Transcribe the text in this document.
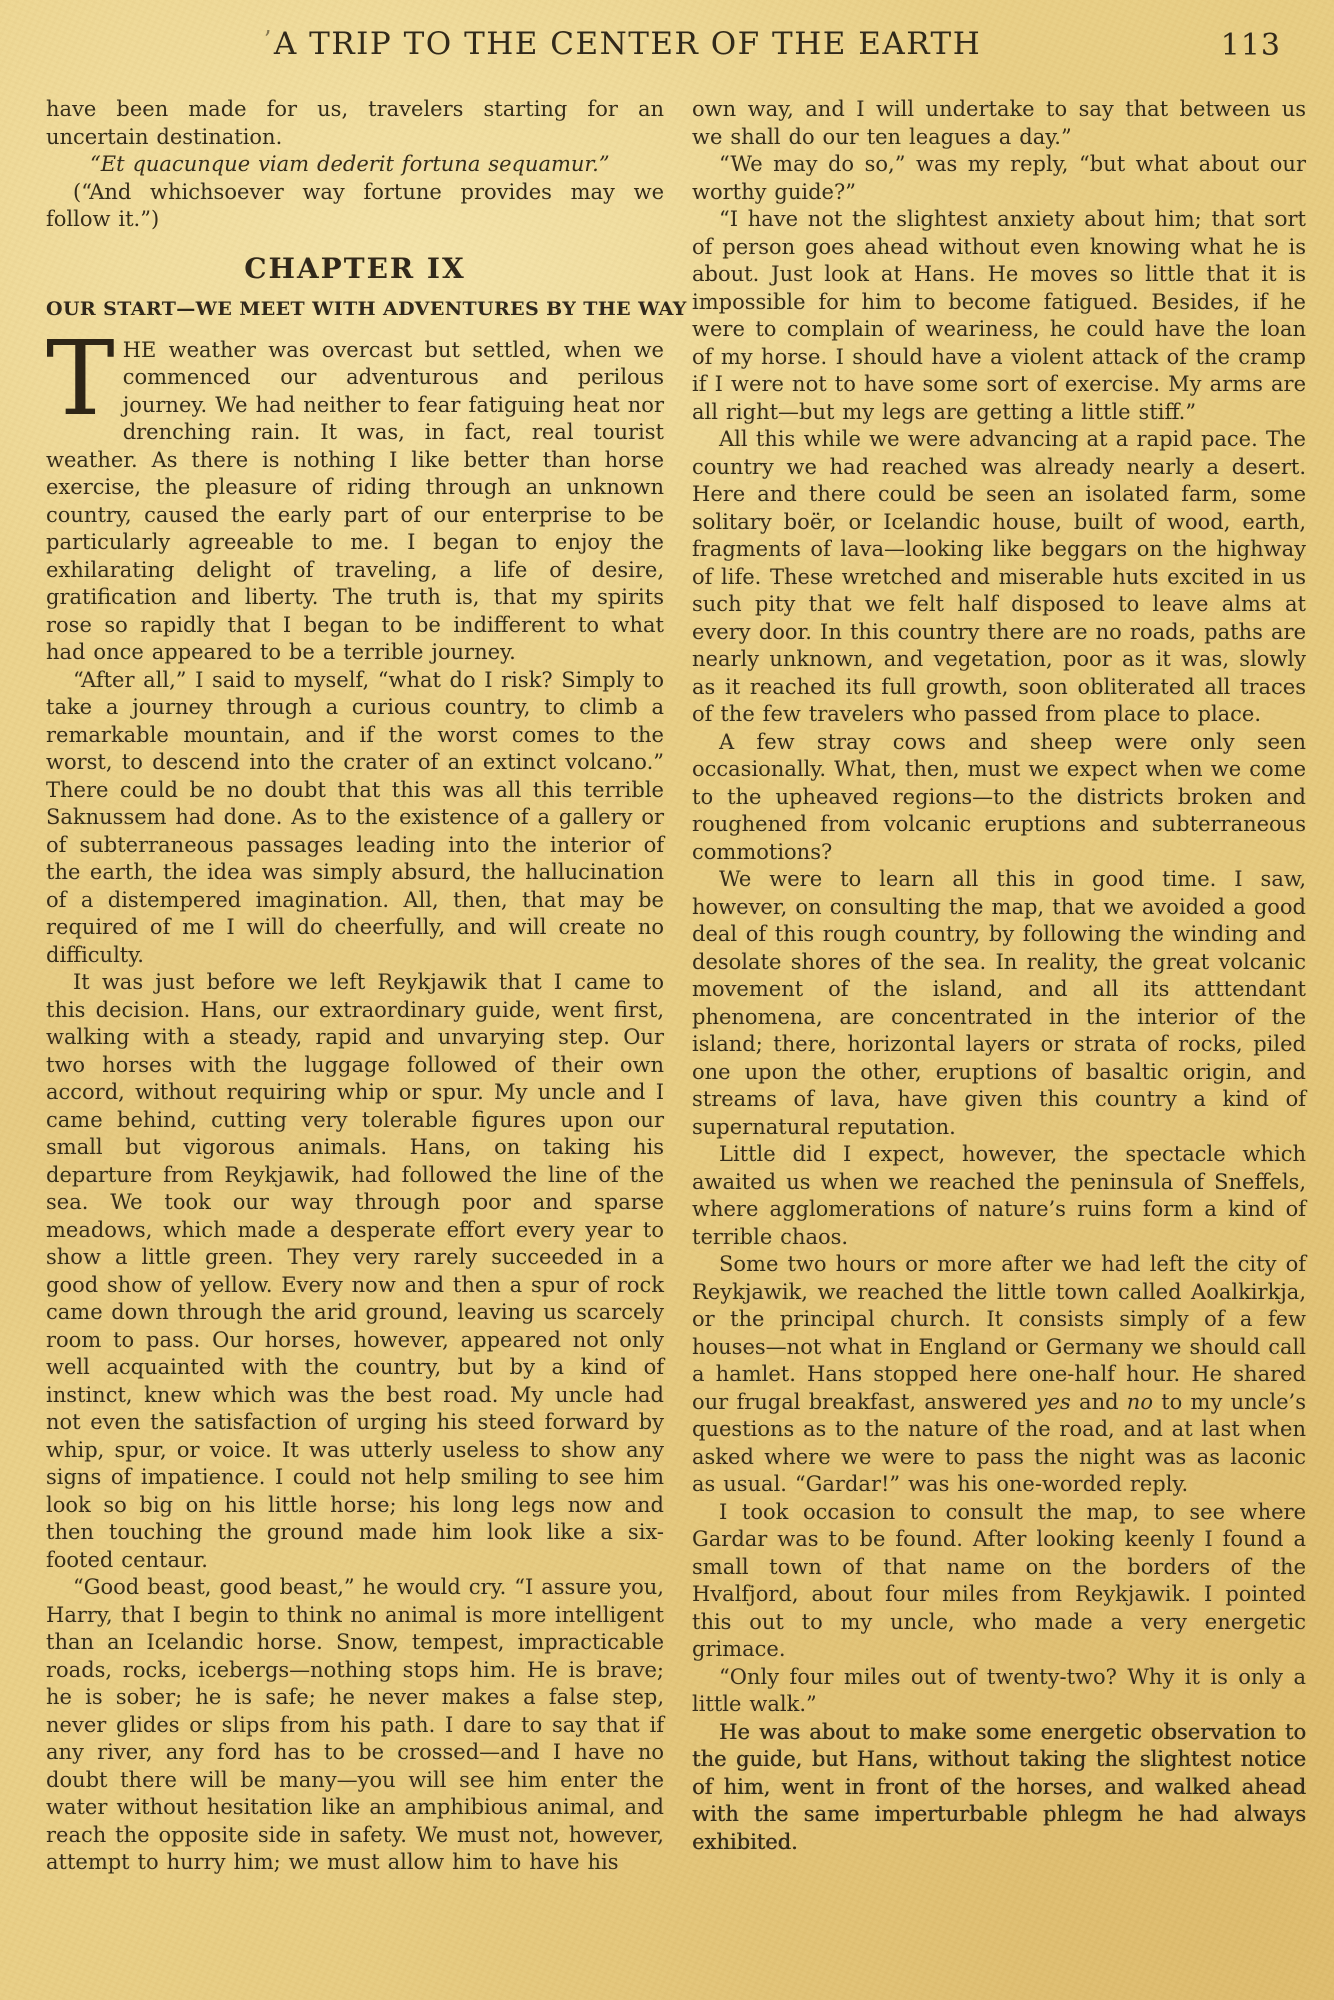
’A TRIP TO THE CENTER OF THE EARTH	113

have been made for us, travelers starting for an uncertain destination.

“Et quacunque viam dederit fortuna sequamur.”

(“And whichsoever way fortune provides may we follow it.”)

CHAPTER IX
OUR START—WE MEET WITH ADVENTURES BY THE WAY

THE weather was overcast but settled, when we commenced our adventurous and perilous journey. We had neither to fear fatiguing heat nor drenching rain. It was, in fact, real tourist weather. As there is nothing I like better than horse exercise, the pleasure of riding through an unknown country, caused the early part of our enterprise to be particularly agreeable to me. I began to enjoy the exhilarating delight of traveling, a life of desire, gratification and liberty. The truth is, that my spirits rose so rapidly that I began to be indifferent to what had once appeared to be a terrible journey.

“After all,” I said to myself, “what do I risk? Simply to take a journey through a curious country, to climb a remarkable mountain, and if the worst comes to the worst, to descend into the crater of an extinct volcano.” There could be no doubt that this was all this terrible Saknussem had done. As to the existence of a gallery or of subterraneous passages leading into the interior of the earth, the idea was simply absurd, the hallucination of a distempered imagination. All, then, that may be required of me I will do cheerfully, and will create no difficulty.

It was just before we left Reykjawik that I came to this decision. Hans, our extraordinary guide, went first, walking with a steady, rapid and unvarying step. Our two horses with the luggage followed of their own accord, without requiring whip or spur. My uncle and I came behind, cutting very tolerable figures upon our small but vigorous animals. Hans, on taking his departure from Reykjawik, had followed the line of the sea. We took our way through poor and sparse meadows, which made a desperate effort every year to show a little green. They very rarely succeeded in a good show of yellow. Every now and then a spur of rock came down through the arid ground, leaving us scarcely room to pass. Our horses, however, appeared not only well acquainted with the country, but by a kind of instinct, knew which was the best road. My uncle had not even the satisfaction of urging his steed forward by whip, spur, or voice. It was utterly useless to show any signs of impatience. I could not help smiling to see him look so big on his little horse; his long legs now and then touching the ground made him look like a six-footed centaur.

“Good beast, good beast,” he would cry. “I assure you, Harry, that I begin to think no animal is more intelligent than an Icelandic horse. Snow, tempest, impracticable roads, rocks, icebergs—nothing stops him. He is brave; he is sober; he is safe; he never makes a false step, never glides or slips from his path. I dare to say that if any river, any ford has to be crossed—and I have no doubt there will be many—you will see him enter the water without hesitation like an amphibious animal, and reach the opposite side in safety. We must not, however, attempt to hurry him; we must allow him to have his

own way, and I will undertake to say that between us we shall do our ten leagues a day.”

“We may do so,” was my reply, “but what about our worthy guide?”

“I have not the slightest anxiety about him; that sort of person goes ahead without even knowing what he is about. Just look at Hans. He moves so little that it is impossible for him to become fatigued. Besides, if he were to complain of weariness, he could have the loan of my horse. I should have a violent attack of the cramp if I were not to have some sort of exercise. My arms are all right—but my legs are getting a little stiff.”

All this while we were advancing at a rapid pace. The country we had reached was already nearly a desert. Here and there could be seen an isolated farm, some solitary boër, or Icelandic house, built of wood, earth, fragments of lava—looking like beggars on the highway of life. These wretched and miserable huts excited in us such pity that we felt half disposed to leave alms at every door. In this country there are no roads, paths are nearly unknown, and vegetation, poor as it was, slowly as it reached its full growth, soon obliterated all traces of the few travelers who passed from place to place.

A few stray cows and sheep were only seen occasionally. What, then, must we expect when we come to the upheaved regions—to the districts broken and roughened from volcanic eruptions and subterraneous commotions?

We were to learn all this in good time. I saw, however, on consulting the map, that we avoided a good deal of this rough country, by following the winding and desolate shores of the sea. In reality, the great volcanic movement of the island, and all its atttendant phenomena, are concentrated in the interior of the island; there, horizontal layers or strata of rocks, piled one upon the other, eruptions of basaltic origin, and streams of lava, have given this country a kind of supernatural reputation.

Little did I expect, however, the spectacle which awaited us when we reached the peninsula of Sneffels, where agglomerations of nature’s ruins form a kind of terrible chaos.

Some two hours or more after we had left the city of Reykjawik, we reached the little town called Aoalkirkja, or the principal church. It consists simply of a few houses—not what in England or Germany we should call a hamlet. Hans stopped here one-half hour. He shared our frugal breakfast, answered yes and no to my uncle’s questions as to the nature of the road, and at last when asked where we were to pass the night was as laconic as usual. “Gardar!” was his one-worded reply.

I took occasion to consult the map, to see where Gardar was to be found. After looking keenly I found a small town of that name on the borders of the Hvalfjord, about four miles from Reykjawik. I pointed this out to my uncle, who made a very energetic grimace.

“Only four miles out of twenty-two? Why it is only a little walk.”

He was about to make some energetic observation to the guide, but Hans, without taking the slightest notice of him, went in front of the horses, and walked ahead with the same imperturbable phlegm he had always exhibited.
